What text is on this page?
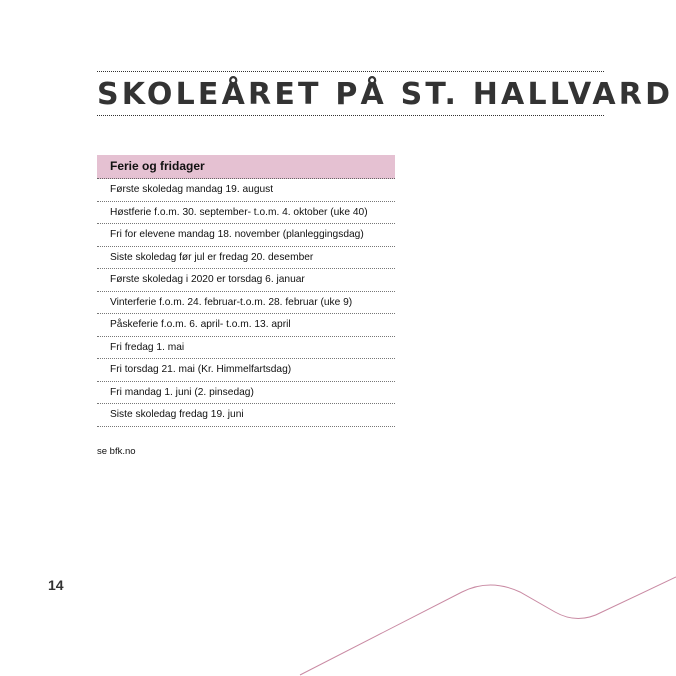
SKOLEÅRET PÅ ST. HALLVARD
Ferie og fridager
Første skoledag mandag 19. august
Høstferie f.o.m. 30. september- t.o.m. 4. oktober (uke 40)
Fri for elevene mandag 18. november (planleggingsdag)
Siste skoledag før jul er fredag 20. desember
Første skoledag i 2020 er torsdag 6. januar
Vinterferie f.o.m. 24. februar-t.o.m. 28. februar (uke 9)
Påskeferie f.o.m. 6. april- t.o.m. 13. april
Fri fredag 1. mai
Fri torsdag 21. mai (Kr. Himmelfartsdag)
Fri mandag 1. juni (2. pinsedag)
Siste skoledag fredag 19. juni
se bfk.no
14
